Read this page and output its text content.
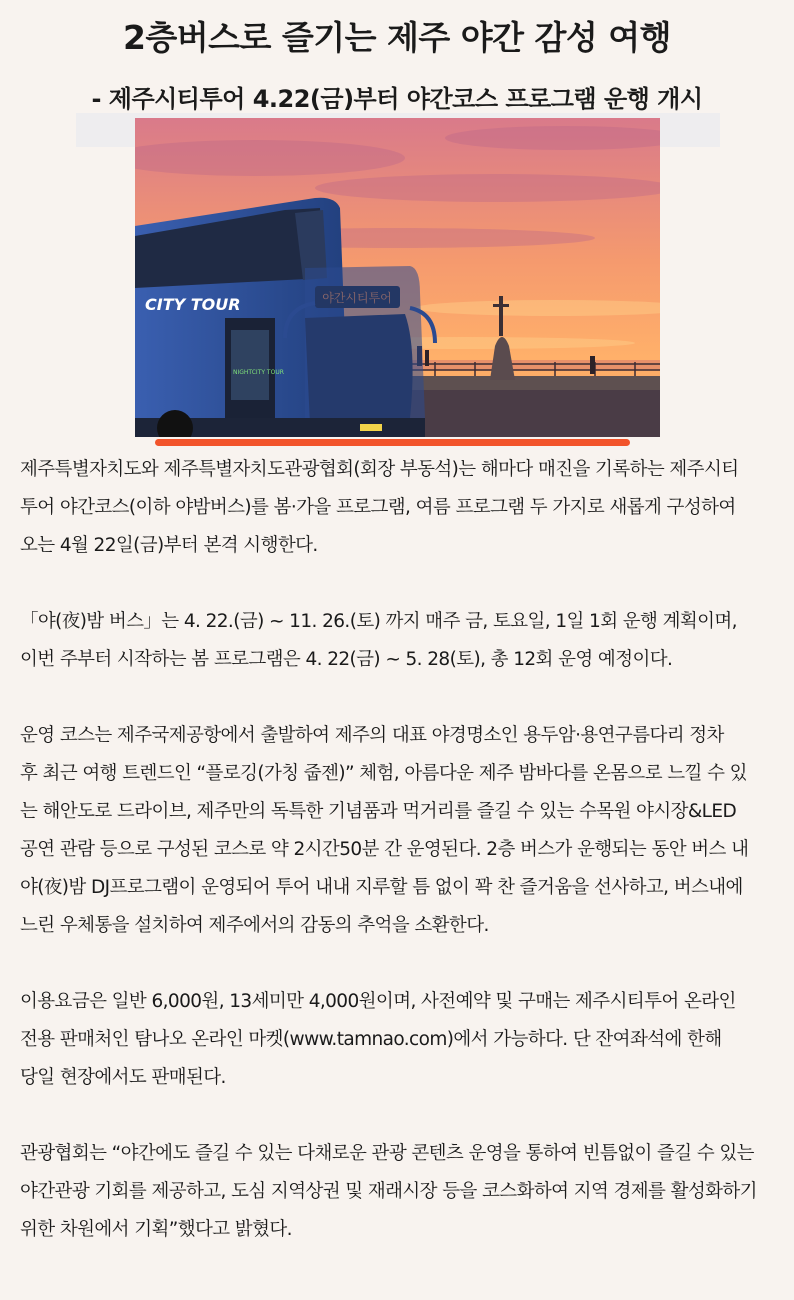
2층버스로 즐기는 제주 야간 감성 여행
- 제주시티투어 4.22(금)부터 야간코스 프로그램 운행 개시
NIGHTCITY TOUR
CITY TOUR
제주특별자치도와 제주특별자치도관광협회(회장 부동석)는 해마다 매진을 기록하는 제주시티
투어 야간코스(이하 야밤버스)를 봄·가을 프로그램, 여름 프로그램 두 가지로 새롭게 구성하여
오는 4월 22일(금)부터 본격 시행한다.
「야(夜)밤 버스」는 4. 22.(금) ~ 11. 26.(토) 까지 매주 금, 토요일, 1일 1회 운행 계획이며,
이번 주부터 시작하는 봄 프로그램은 4. 22(금) ~ 5. 28(토), 총 12회 운영 예정이다.
운영 코스는 제주국제공항에서 출발하여 제주의 대표 야경명소인 용두암·용연구름다리 정차
후 최근 여행 트렌드인 “플로깅(가칭 줍젠)” 체험, 아름다운 제주 밤바다를 온몸으로 느낄 수 있
는 해안도로 드라이브, 제주만의 독특한 기념품과 먹거리를 즐길 수 있는 수목원 야시장&LED
공연 관람 등으로 구성된 코스로 약 2시간50분 간 운영된다. 2층 버스가 운행되는 동안 버스 내
야(夜)밤 DJ프로그램이 운영되어 투어 내내 지루할 틈 없이 꽉 찬 즐거움을 선사하고, 버스내에
느린 우체통을 설치하여 제주에서의 감동의 추억을 소환한다.
이용요금은 일반 6,000원, 13세미만 4,000원이며, 사전예약 및 구매는 제주시티투어 온라인
전용 판매처인 탐나오 온라인 마켓(www.tamnao.com)에서 가능하다. 단 잔여좌석에 한해
당일 현장에서도 판매된다.
관광협회는 “야간에도 즐길 수 있는 다채로운 관광 콘텐츠 운영을 통하여 빈틈없이 즐길 수 있는
야간관광 기회를 제공하고, 도심 지역상권 및 재래시장 등을 코스화하여 지역 경제를 활성화하기
위한 차원에서 기획”했다고 밝혔다.
